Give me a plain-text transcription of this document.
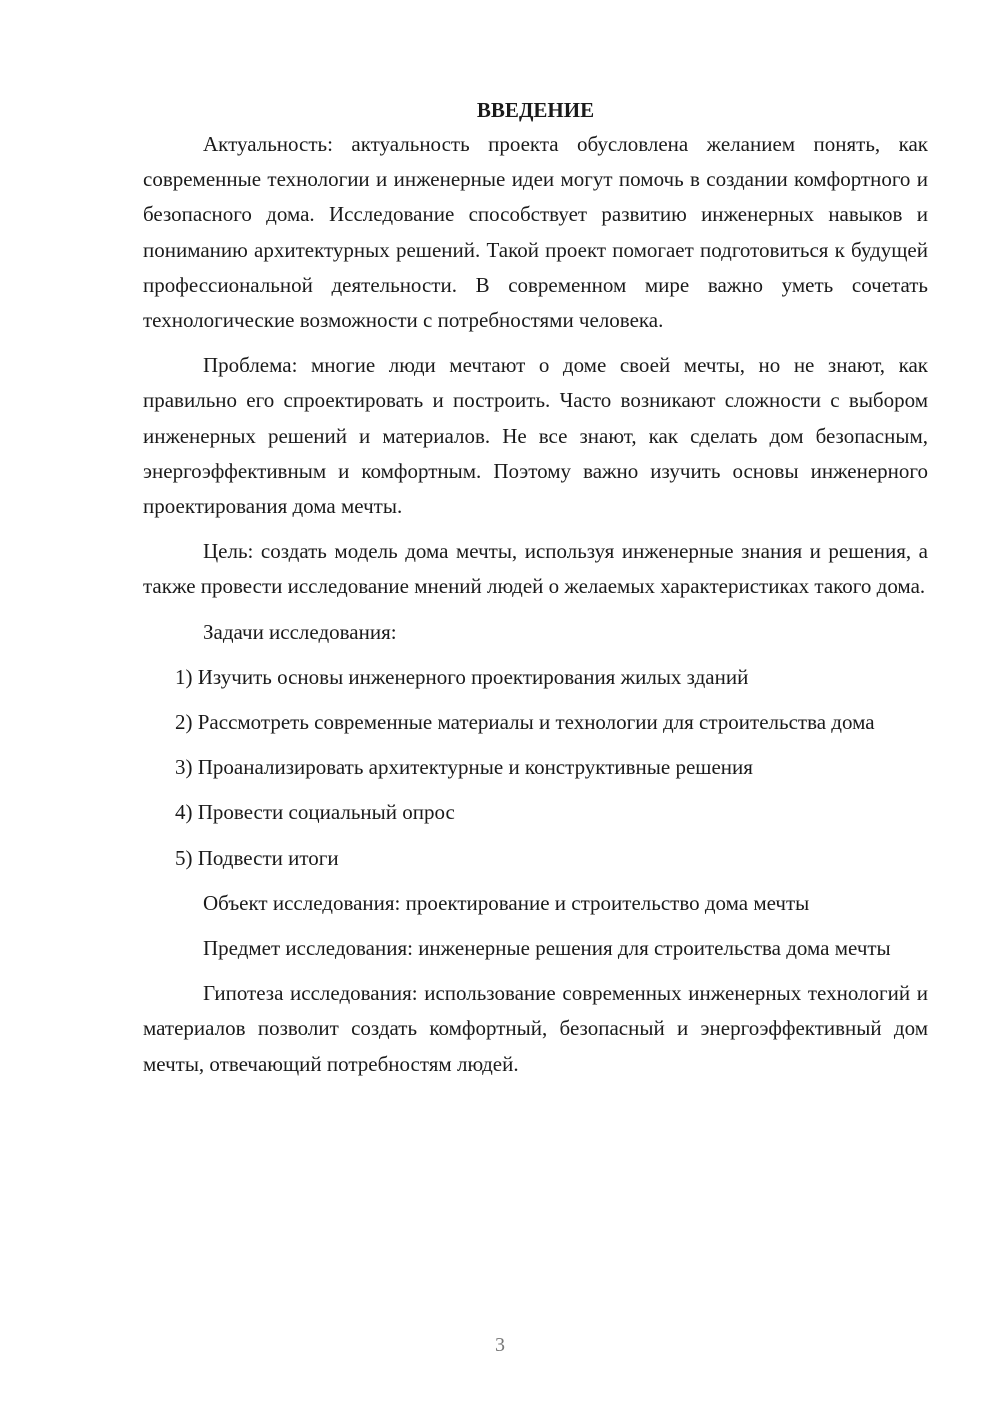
ВВЕДЕНИЕ

Актуальность: актуальность проекта обусловлена желанием понять, как современные технологии и инженерные идеи могут помочь в создании комфортного и безопасного дома. Исследование способствует развитию инженерных навыков и пониманию архитектурных решений. Такой проект помогает подготовиться к будущей профессиональной деятельности. В современном мире важно уметь сочетать технологические возможности с потребностями человека.

Проблема: многие люди мечтают о доме своей мечты, но не знают, как правильно его спроектировать и построить. Часто возникают сложности с выбором инженерных решений и материалов. Не все знают, как сделать дом безопасным, энергоэффективным и комфортным. Поэтому важно изучить основы инженерного проектирования дома мечты.

Цель: создать модель дома мечты, используя инженерные знания и решения, а также провести исследование мнений людей о желаемых характеристиках такого дома.

Задачи исследования:

1) Изучить основы инженерного проектирования жилых зданий

2) Рассмотреть современные материалы и технологии для строительства дома

3) Проанализировать архитектурные и конструктивные решения

4) Провести социальный опрос

5) Подвести итоги

Объект исследования: проектирование и строительство дома мечты

Предмет исследования: инженерные решения для строительства дома мечты

Гипотеза исследования: использование современных инженерных технологий и материалов позволит создать комфортный, безопасный и энергоэффективный дом мечты, отвечающий потребностям людей.

3
